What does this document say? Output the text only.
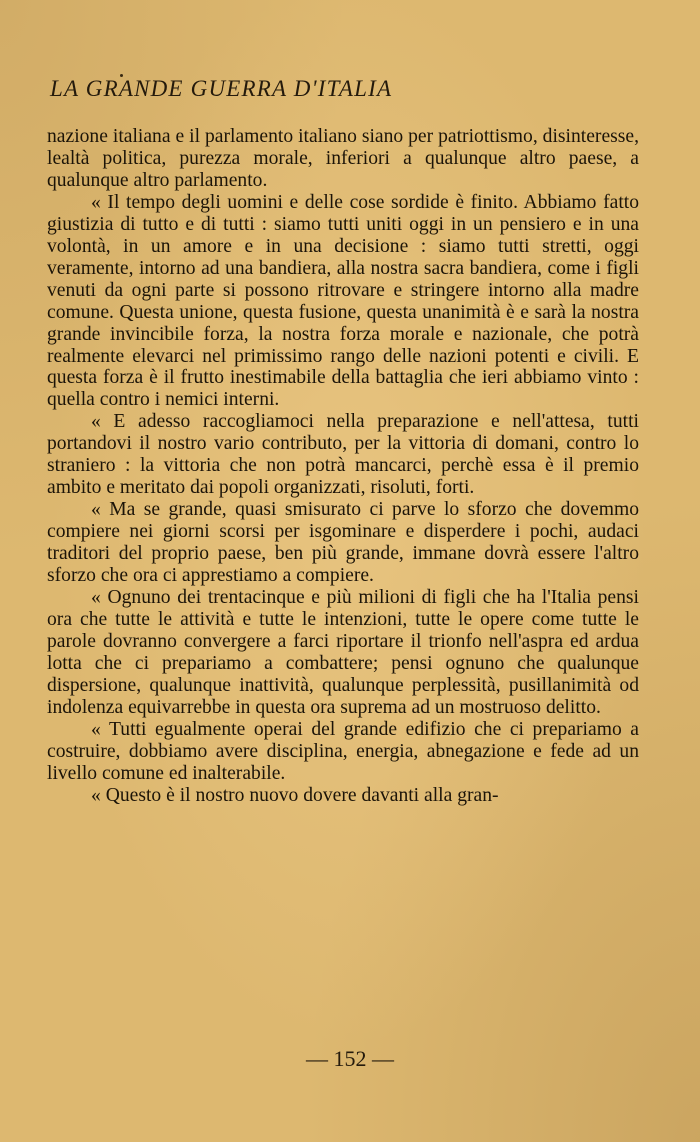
LA GRANDE GUERRA D'ITALIA

nazione italiana e il parlamento italiano siano per patriottismo, disinteresse, lealtà politica, purezza morale, inferiori a qualunque altro paese, a qualunque altro parlamento.

« Il tempo degli uomini e delle cose sordide è finito. Abbiamo fatto giustizia di tutto e di tutti : siamo tutti uniti oggi in un pensiero e in una volontà, in un amore e in una decisione : siamo tutti stretti, oggi veramente, intorno ad una bandiera, alla nostra sacra bandiera, come i figli venuti da ogni parte si possono ritrovare e stringere intorno alla madre comune. Questa unione, questa fusione, questa unanimità è e sarà la nostra grande invincibile forza, la nostra forza morale e nazionale, che potrà realmente elevarci nel primissimo rango delle nazioni potenti e civili. E questa forza è il frutto inestimabile della battaglia che ieri abbiamo vinto : quella contro i nemici interni.

« E adesso raccogliamoci nella preparazione e nell'attesa, tutti portandovi il nostro vario contributo, per la vittoria di domani, contro lo straniero : la vittoria che non potrà mancarci, perchè essa è il premio ambito e meritato dai popoli organizzati, risoluti, forti.

« Ma se grande, quasi smisurato ci parve lo sforzo che dovemmo compiere nei giorni scorsi per isgominare e disperdere i pochi, audaci traditori del proprio paese, ben più grande, immane dovrà essere l'altro sforzo che ora ci apprestiamo a compiere.

« Ognuno dei trentacinque e più milioni di figli che ha l'Italia pensi ora che tutte le attività e tutte le intenzioni, tutte le opere come tutte le parole dovranno convergere a farci riportare il trionfo nell'aspra ed ardua lotta che ci prepariamo a combattere; pensi ognuno che qualunque dispersione, qualunque inattività, qualunque perplessità, pusillanimità od indolenza equivarrebbe in questa ora suprema ad un mostruoso delitto.

« Tutti egualmente operai del grande edifizio che ci prepariamo a costruire, dobbiamo avere disciplina, energia, abnegazione e fede ad un livello comune ed inalterabile.

« Questo è il nostro nuovo dovere davanti alla gran-

— 152 —
